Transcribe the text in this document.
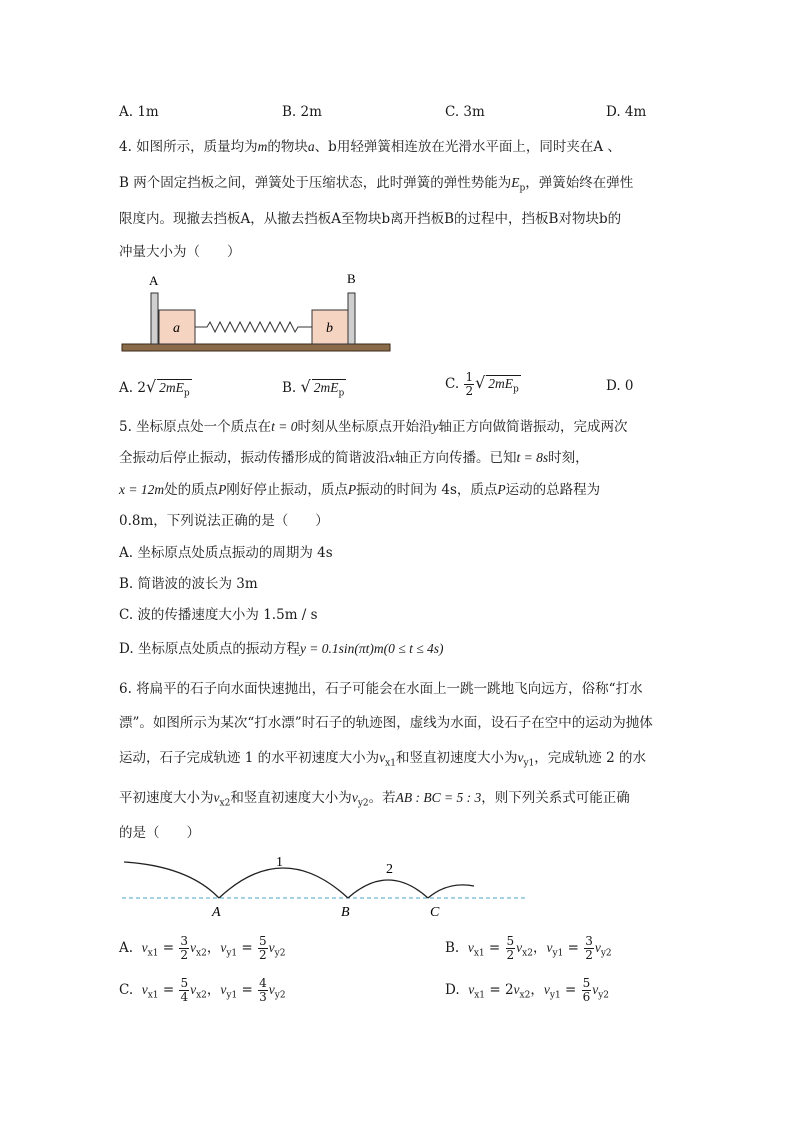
A. 1m	B. 2m	C. 3m	D. 4m
4. 如图所示，质量均为m的物块a、b用轻弹簧相连放在光滑水平面上，同时夹在A 、
B 两个固定挡板之间，弹簧处于压缩状态，此时弹簧的弹性势能为$E_p$，弹簧始终在弹性
限度内。现撤去挡板A，从撤去挡板A至物块b离开挡板B的过程中，挡板B对物块b的
冲量大小为（　　）
A	B
a	b
A. 2√ $2mE_p$	B. √ $2mE_p$
C. $\frac{1}{2}$ √ $2mE_p$	D. 0
5. 坐标原点处一个质点在t = 0时刻从坐标原点开始沿y轴正方向做简谐振动，完成两次
全振动后停止振动，振动传播形成的简谐波沿x轴正方向传播。已知t = 8s时刻，
x = 12m处的质点P刚好停止振动，质点P振动的时间为 4s，质点P运动的总路程为
0.8m，下列说法正确的是（　　）
A. 坐标原点处质点振动的周期为 4s
B. 简谐波的波长为 3m
C. 波的传播速度大小为 1.5m / s
D. 坐标原点处质点的振动方程y = 0.1sin(πt)m(0 ≤ t ≤ 4s)
6. 将扁平的石子向水面快速抛出，石子可能会在水面上一跳一跳地飞向远方，俗称“打水
漂”。如图所示为某次“打水漂”时石子的轨迹图，虚线为水面，设石子在空中的运动为抛体
运动，石子完成轨迹 1 的水平初速度大小为$v_{x1}$和竖直初速度大小为$v_{y1}$，完成轨迹 2 的水
平初速度大小为$v_{x2}$和竖直初速度大小为$v_{y2}$。若AB : BC = 5 : 3，则下列关系式可能正确
的是（　　）
1	2
A	B	C
A. $v_{x1} = \frac{3}{2} v_{x2}$，$v_{y1} = \frac{5}{2} v_{y2}$	B. $v_{x1} = \frac{5}{2} v_{x2}$，$v_{y1} = \frac{3}{2} v_{y2}$
C. $v_{x1} = \frac{5}{4} v_{x2}$，$v_{y1} = \frac{4}{3} v_{y2}$	D. $v_{x1} = 2v_{x2}$，$v_{y1} = \frac{5}{6} v_{y2}$
